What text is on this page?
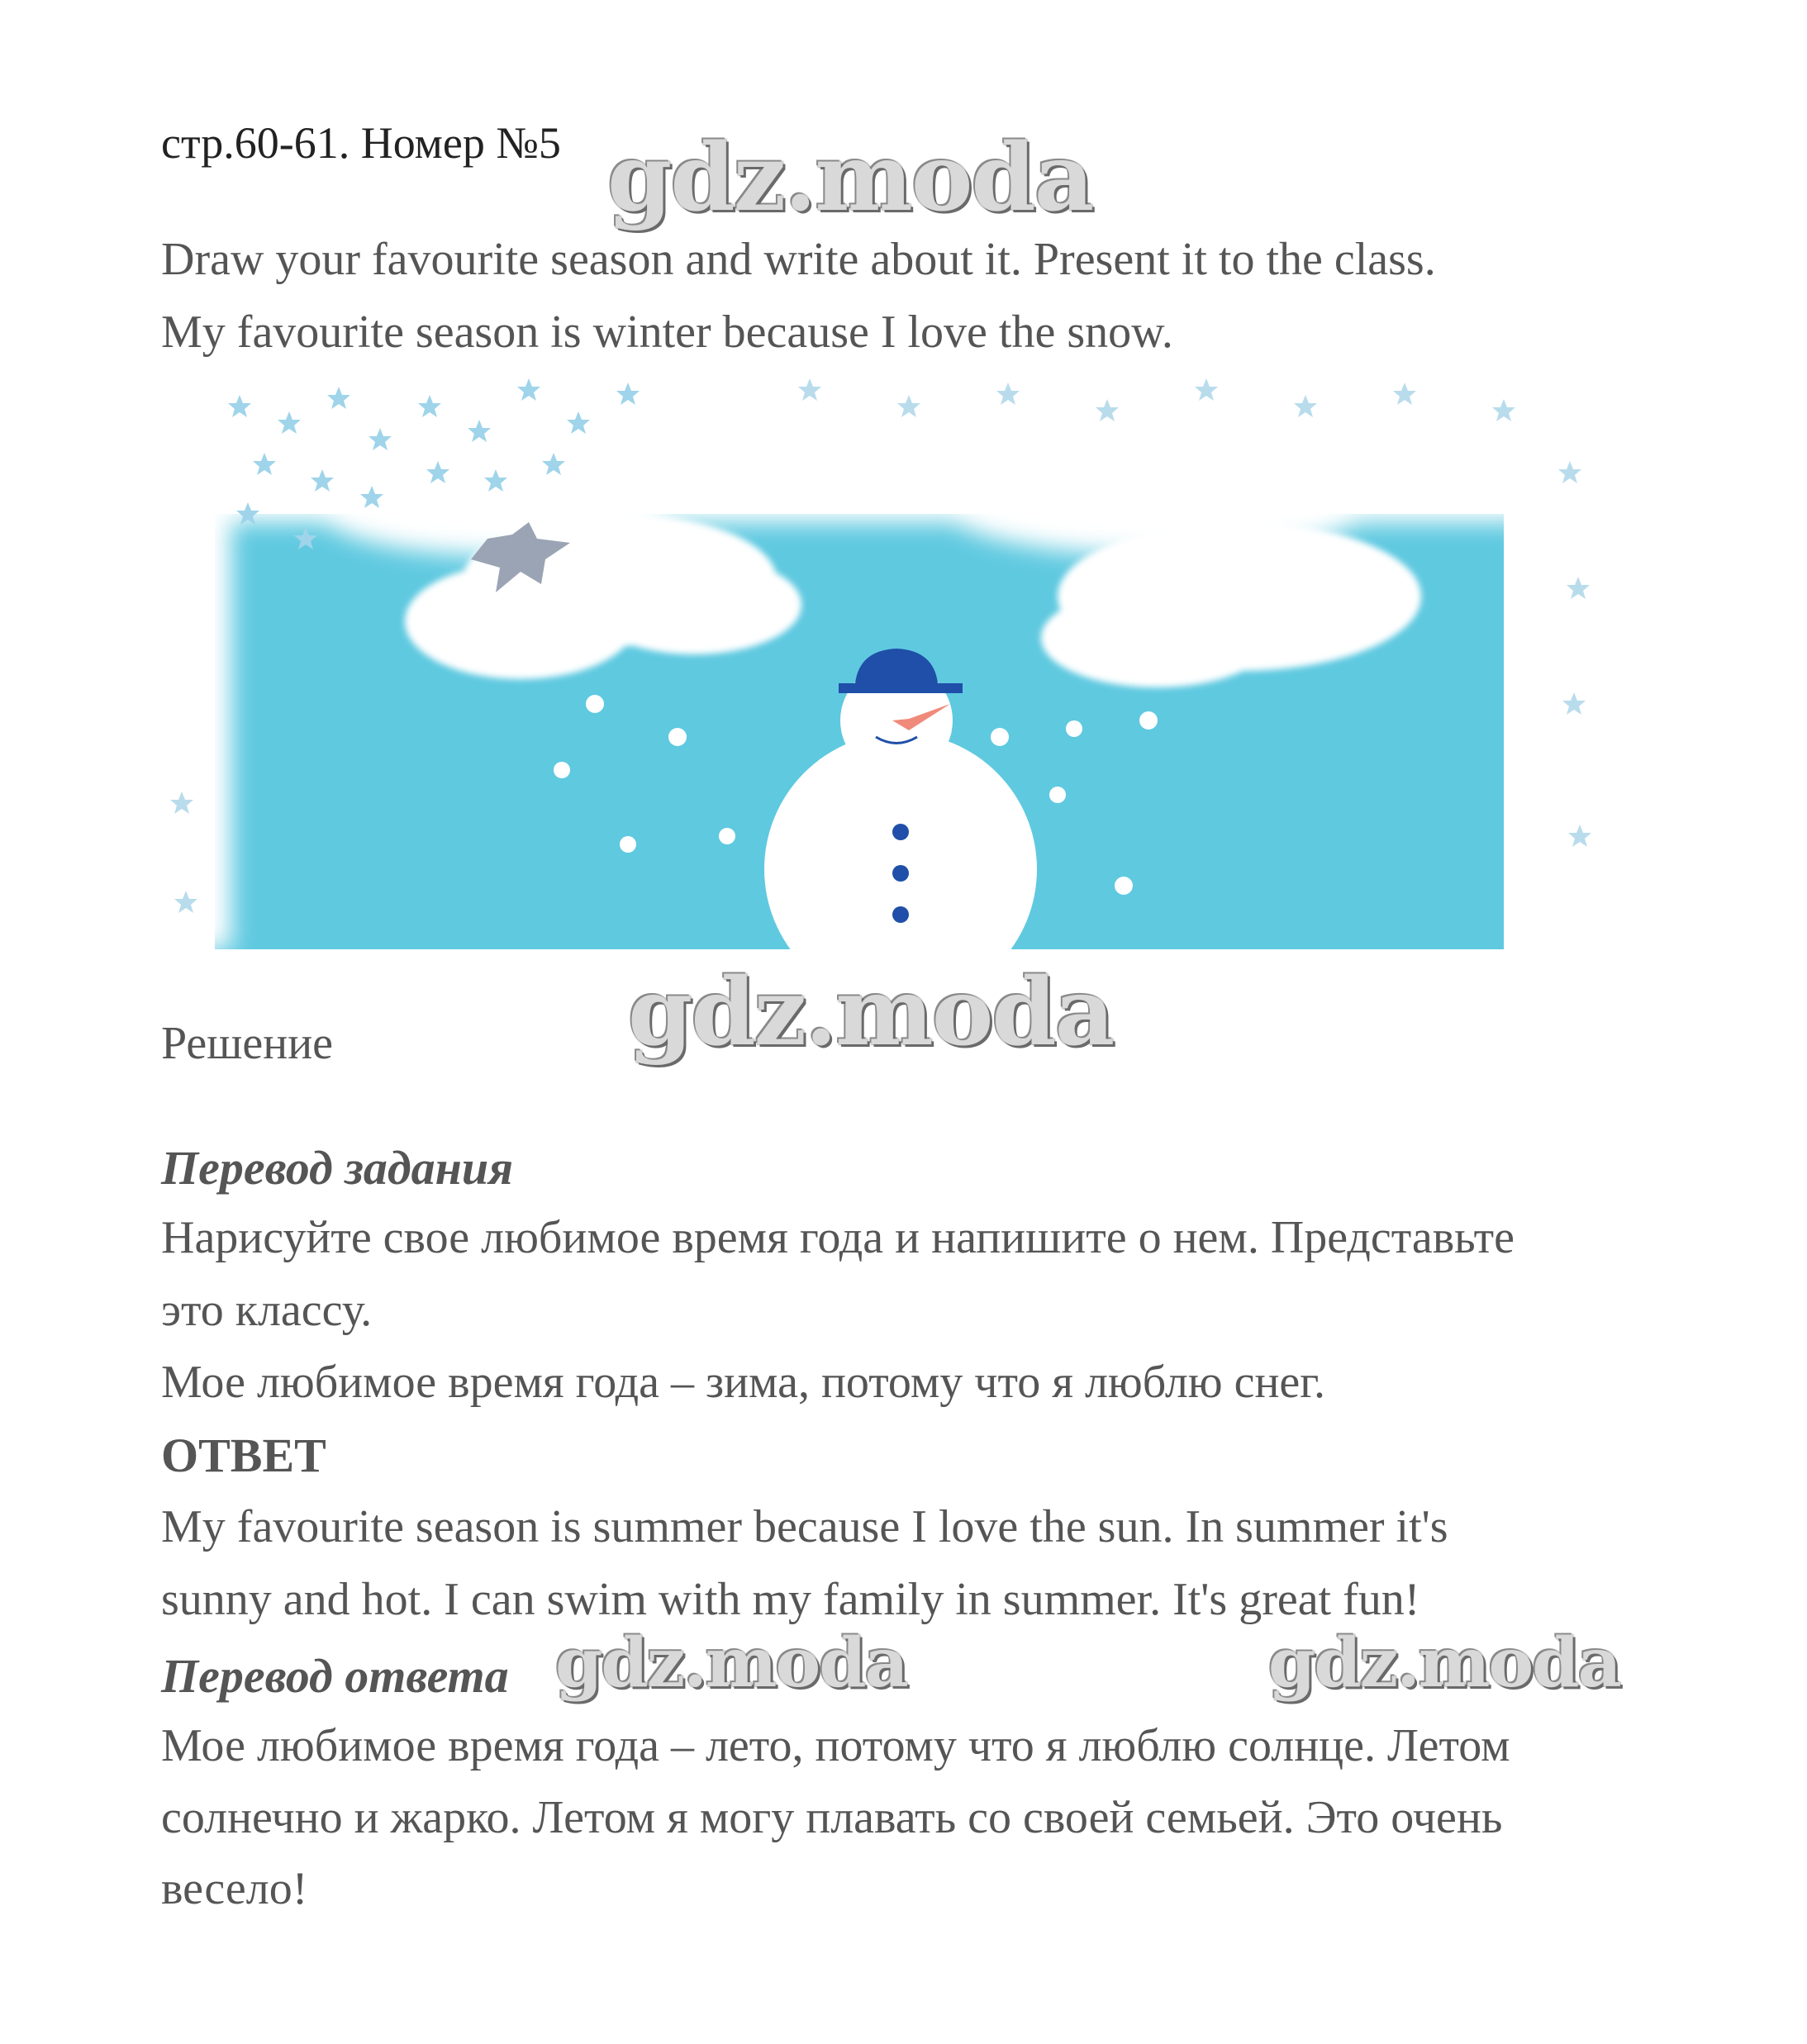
стр.60-61. Номер №5 gdz.moda
Draw your favourite season and write about it. Present it to the class.
My favourite season is winter because I love the snow.
Решение	gdz.moda
Перевод задания
Нарисуйте свое любимое время года и напишите о нем. Представьте
это классу.
Мое любимое время года – зима, потому что я люблю снег.
ОТВЕТ
My favourite season is summer because I love the sun. In summer it's
sunny and hot. I can swim with my family in summer. It's great fun!
Перевод ответа gdz.moda	gdz.moda
Мое любимое время года – лето, потому что я люблю солнце. Летом
солнечно и жарко. Летом я могу плавать со своей семьей. Это очень
весело!
